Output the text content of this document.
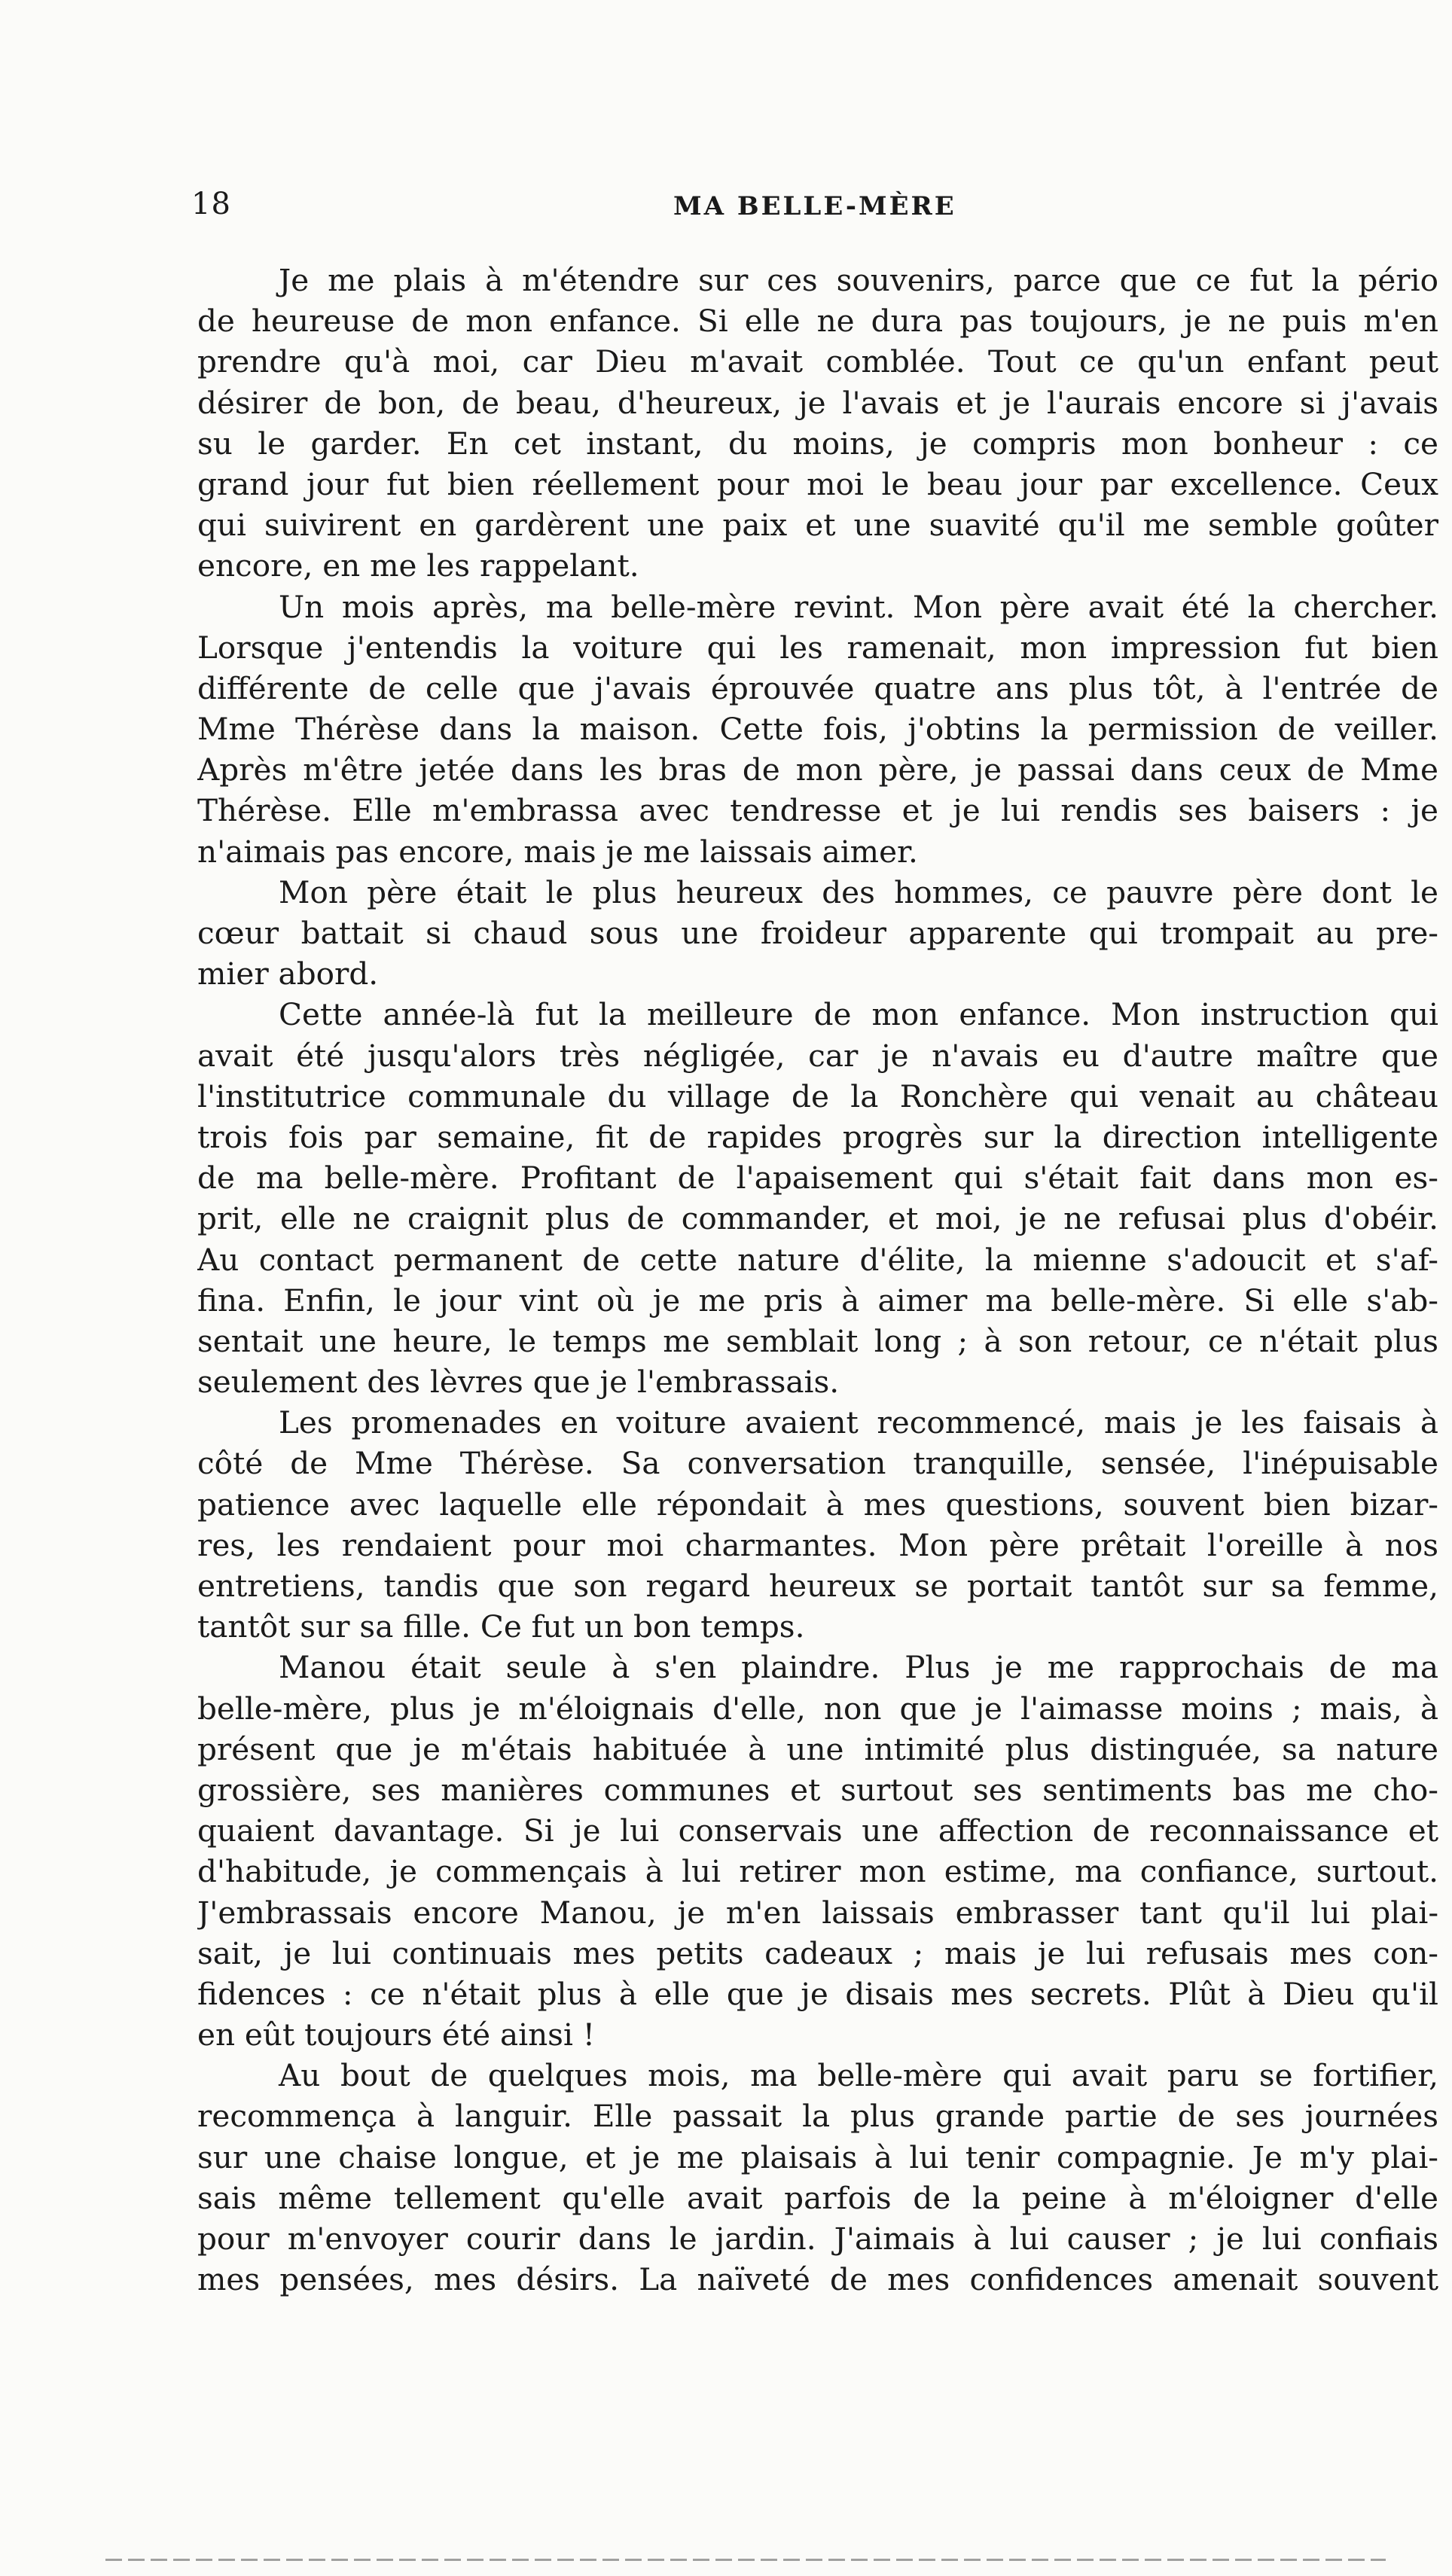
18	MA BELLE-MÈRE
Je me plais à m'étendre sur ces souvenirs, parce que ce fut la pério
de heureuse de mon enfance. Si elle ne dura pas toujours, je ne puis m'en
prendre qu'à moi, car Dieu m'avait comblée. Tout ce qu'un enfant peut
désirer de bon, de beau, d'heureux, je l'avais et je l'aurais encore si j'avais
su le garder. En cet instant, du moins, je compris mon bonheur : ce
grand jour fut bien réellement pour moi le beau jour par excellence. Ceux
qui suivirent en gardèrent une paix et une suavité qu'il me semble goûter
encore, en me les rappelant.
Un mois après, ma belle-mère revint. Mon père avait été la chercher.
Lorsque j'entendis la voiture qui les ramenait, mon impression fut bien
différente de celle que j'avais éprouvée quatre ans plus tôt, à l'entrée de
Mme Thérèse dans la maison. Cette fois, j'obtins la permission de veiller.
Après m'être jetée dans les bras de mon père, je passai dans ceux de Mme
Thérèse. Elle m'embrassa avec tendresse et je lui rendis ses baisers : je
n'aimais pas encore, mais je me laissais aimer.
Mon père était le plus heureux des hommes, ce pauvre père dont le
cœur battait si chaud sous une froideur apparente qui trompait au pre-
mier abord.
Cette année-là fut la meilleure de mon enfance. Mon instruction qui
avait été jusqu'alors très négligée, car je n'avais eu d'autre maître que
l'institutrice communale du village de la Ronchère qui venait au château
trois fois par semaine, fit de rapides progrès sur la direction intelligente
de ma belle-mère. Profitant de l'apaisement qui s'était fait dans mon es-
prit, elle ne craignit plus de commander, et moi, je ne refusai plus d'obéir.
Au contact permanent de cette nature d'élite, la mienne s'adoucit et s'af-
fina. Enfin, le jour vint où je me pris à aimer ma belle-mère. Si elle s'ab-
sentait une heure, le temps me semblait long ; à son retour, ce n'était plus
seulement des lèvres que je l'embrassais.
Les promenades en voiture avaient recommencé, mais je les faisais à
côté de Mme Thérèse. Sa conversation tranquille, sensée, l'inépuisable
patience avec laquelle elle répondait à mes questions, souvent bien bizar-
res, les rendaient pour moi charmantes. Mon père prêtait l'oreille à nos
entretiens, tandis que son regard heureux se portait tantôt sur sa femme,
tantôt sur sa fille. Ce fut un bon temps.
Manou était seule à s'en plaindre. Plus je me rapprochais de ma
belle-mère, plus je m'éloignais d'elle, non que je l'aimasse moins ; mais, à
présent que je m'étais habituée à une intimité plus distinguée, sa nature
grossière, ses manières communes et surtout ses sentiments bas me cho-
quaient davantage. Si je lui conservais une affection de reconnaissance et
d'habitude, je commençais à lui retirer mon estime, ma confiance, surtout.
J'embrassais encore Manou, je m'en laissais embrasser tant qu'il lui plai-
sait, je lui continuais mes petits cadeaux ; mais je lui refusais mes con-
fidences : ce n'était plus à elle que je disais mes secrets. Plût à Dieu qu'il
en eût toujours été ainsi !
Au bout de quelques mois, ma belle-mère qui avait paru se fortifier,
recommença à languir. Elle passait la plus grande partie de ses journées
sur une chaise longue, et je me plaisais à lui tenir compagnie. Je m'y plai-
sais même tellement qu'elle avait parfois de la peine à m'éloigner d'elle
pour m'envoyer courir dans le jardin. J'aimais à lui causer ; je lui confiais
mes pensées, mes désirs. La naïveté de mes confidences amenait souvent
